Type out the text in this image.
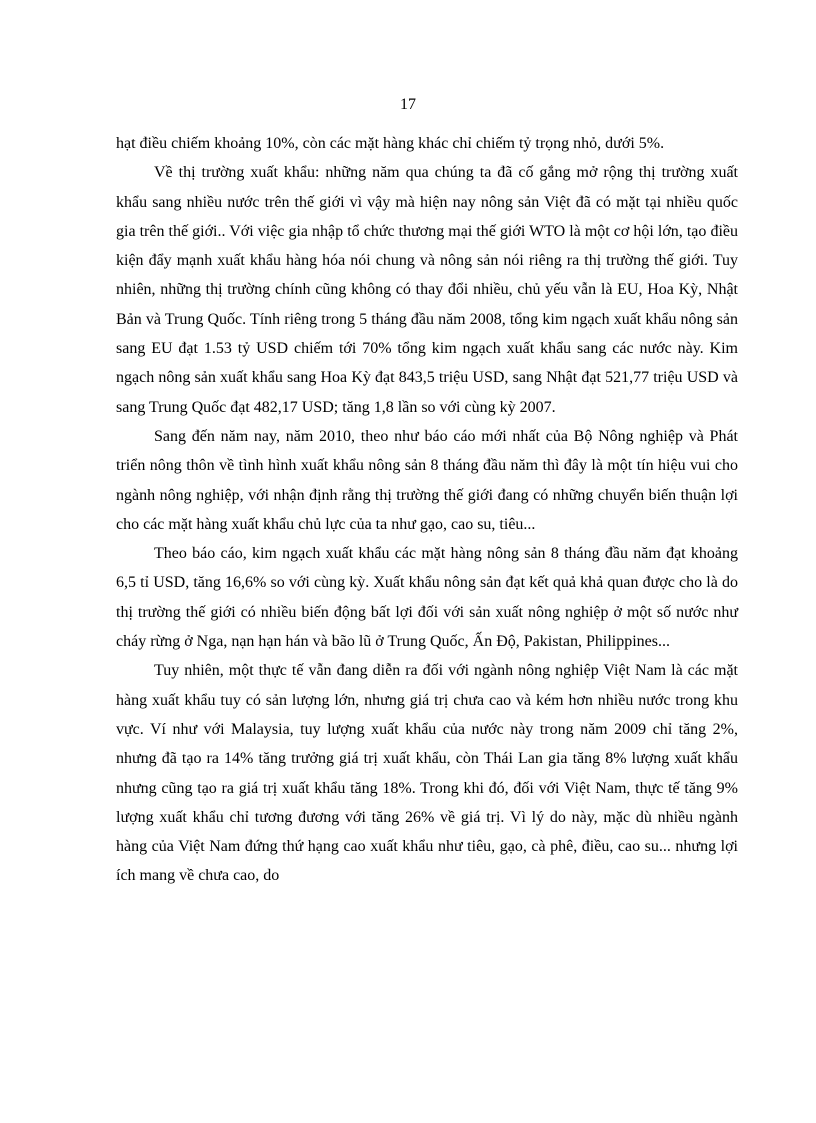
17

hạt điều chiếm khoảng 10%, còn các mặt hàng khác chỉ chiếm tỷ trọng nhỏ, dưới 5%.

Về thị trường xuất khẩu: những năm qua chúng ta đã cố gắng mở rộng thị trường xuất khẩu sang nhiều nước trên thế giới vì vậy mà hiện nay nông sản Việt đã có mặt tại nhiều quốc gia trên thế giới.. Với việc gia nhập tổ chức thương mại thế giới WTO là một cơ hội lớn, tạo điều kiện đẩy mạnh xuất khẩu hàng hóa nói chung và nông sản nói riêng ra thị trường thế giới. Tuy nhiên, những thị trường chính cũng không có thay đổi nhiều, chủ yếu vẫn là EU, Hoa Kỳ, Nhật Bản và Trung Quốc. Tính riêng trong 5 tháng đầu năm 2008, tổng kim ngạch xuất khẩu nông sản sang EU đạt 1.53 tỷ USD chiếm tới 70% tổng kim ngạch xuất khẩu sang các nước này. Kim ngạch nông sản xuất khẩu sang Hoa Kỳ đạt 843,5 triệu USD, sang Nhật đạt 521,77 triệu USD và sang Trung Quốc đạt 482,17 USD; tăng 1,8 lần so với cùng kỳ 2007.

Sang đến năm nay, năm 2010, theo như báo cáo mới nhất của Bộ Nông nghiệp và Phát triển nông thôn về tình hình xuất khẩu nông sản 8 tháng đầu năm thì đây là một tín hiệu vui cho ngành nông nghiệp, với nhận định rằng thị trường thế giới đang có những chuyển biến thuận lợi cho các mặt hàng xuất khẩu chủ lực của ta như gạo, cao su, tiêu...

Theo báo cáo, kim ngạch xuất khẩu các mặt hàng nông sản 8 tháng đầu năm đạt khoảng 6,5 tỉ USD, tăng 16,6% so với cùng kỳ. Xuất khẩu nông sản đạt kết quả khả quan được cho là do thị trường thế giới có nhiều biến động bất lợi đối với sản xuất nông nghiệp ở một số nước như cháy rừng ở Nga, nạn hạn hán và bão lũ ở Trung Quốc, Ấn Độ, Pakistan, Philippines...

Tuy nhiên, một thực tế vẫn đang diễn ra đối với ngành nông nghiệp Việt Nam là các mặt hàng xuất khẩu tuy có sản lượng lớn, nhưng giá trị chưa cao và kém hơn nhiều nước trong khu vực. Ví như với Malaysia, tuy lượng xuất khẩu của nước này trong năm 2009 chỉ tăng 2%, nhưng đã tạo ra 14% tăng trưởng giá trị xuất khẩu, còn Thái Lan gia tăng 8% lượng xuất khẩu nhưng cũng tạo ra giá trị xuất khẩu tăng 18%. Trong khi đó, đối với Việt Nam, thực tế tăng 9% lượng xuất khẩu chỉ tương đương với tăng 26% về giá trị. Vì lý do này, mặc dù nhiều ngành hàng của Việt Nam đứng thứ hạng cao xuất khẩu như tiêu, gạo, cà phê, điều, cao su... nhưng lợi ích mang về chưa cao, do
